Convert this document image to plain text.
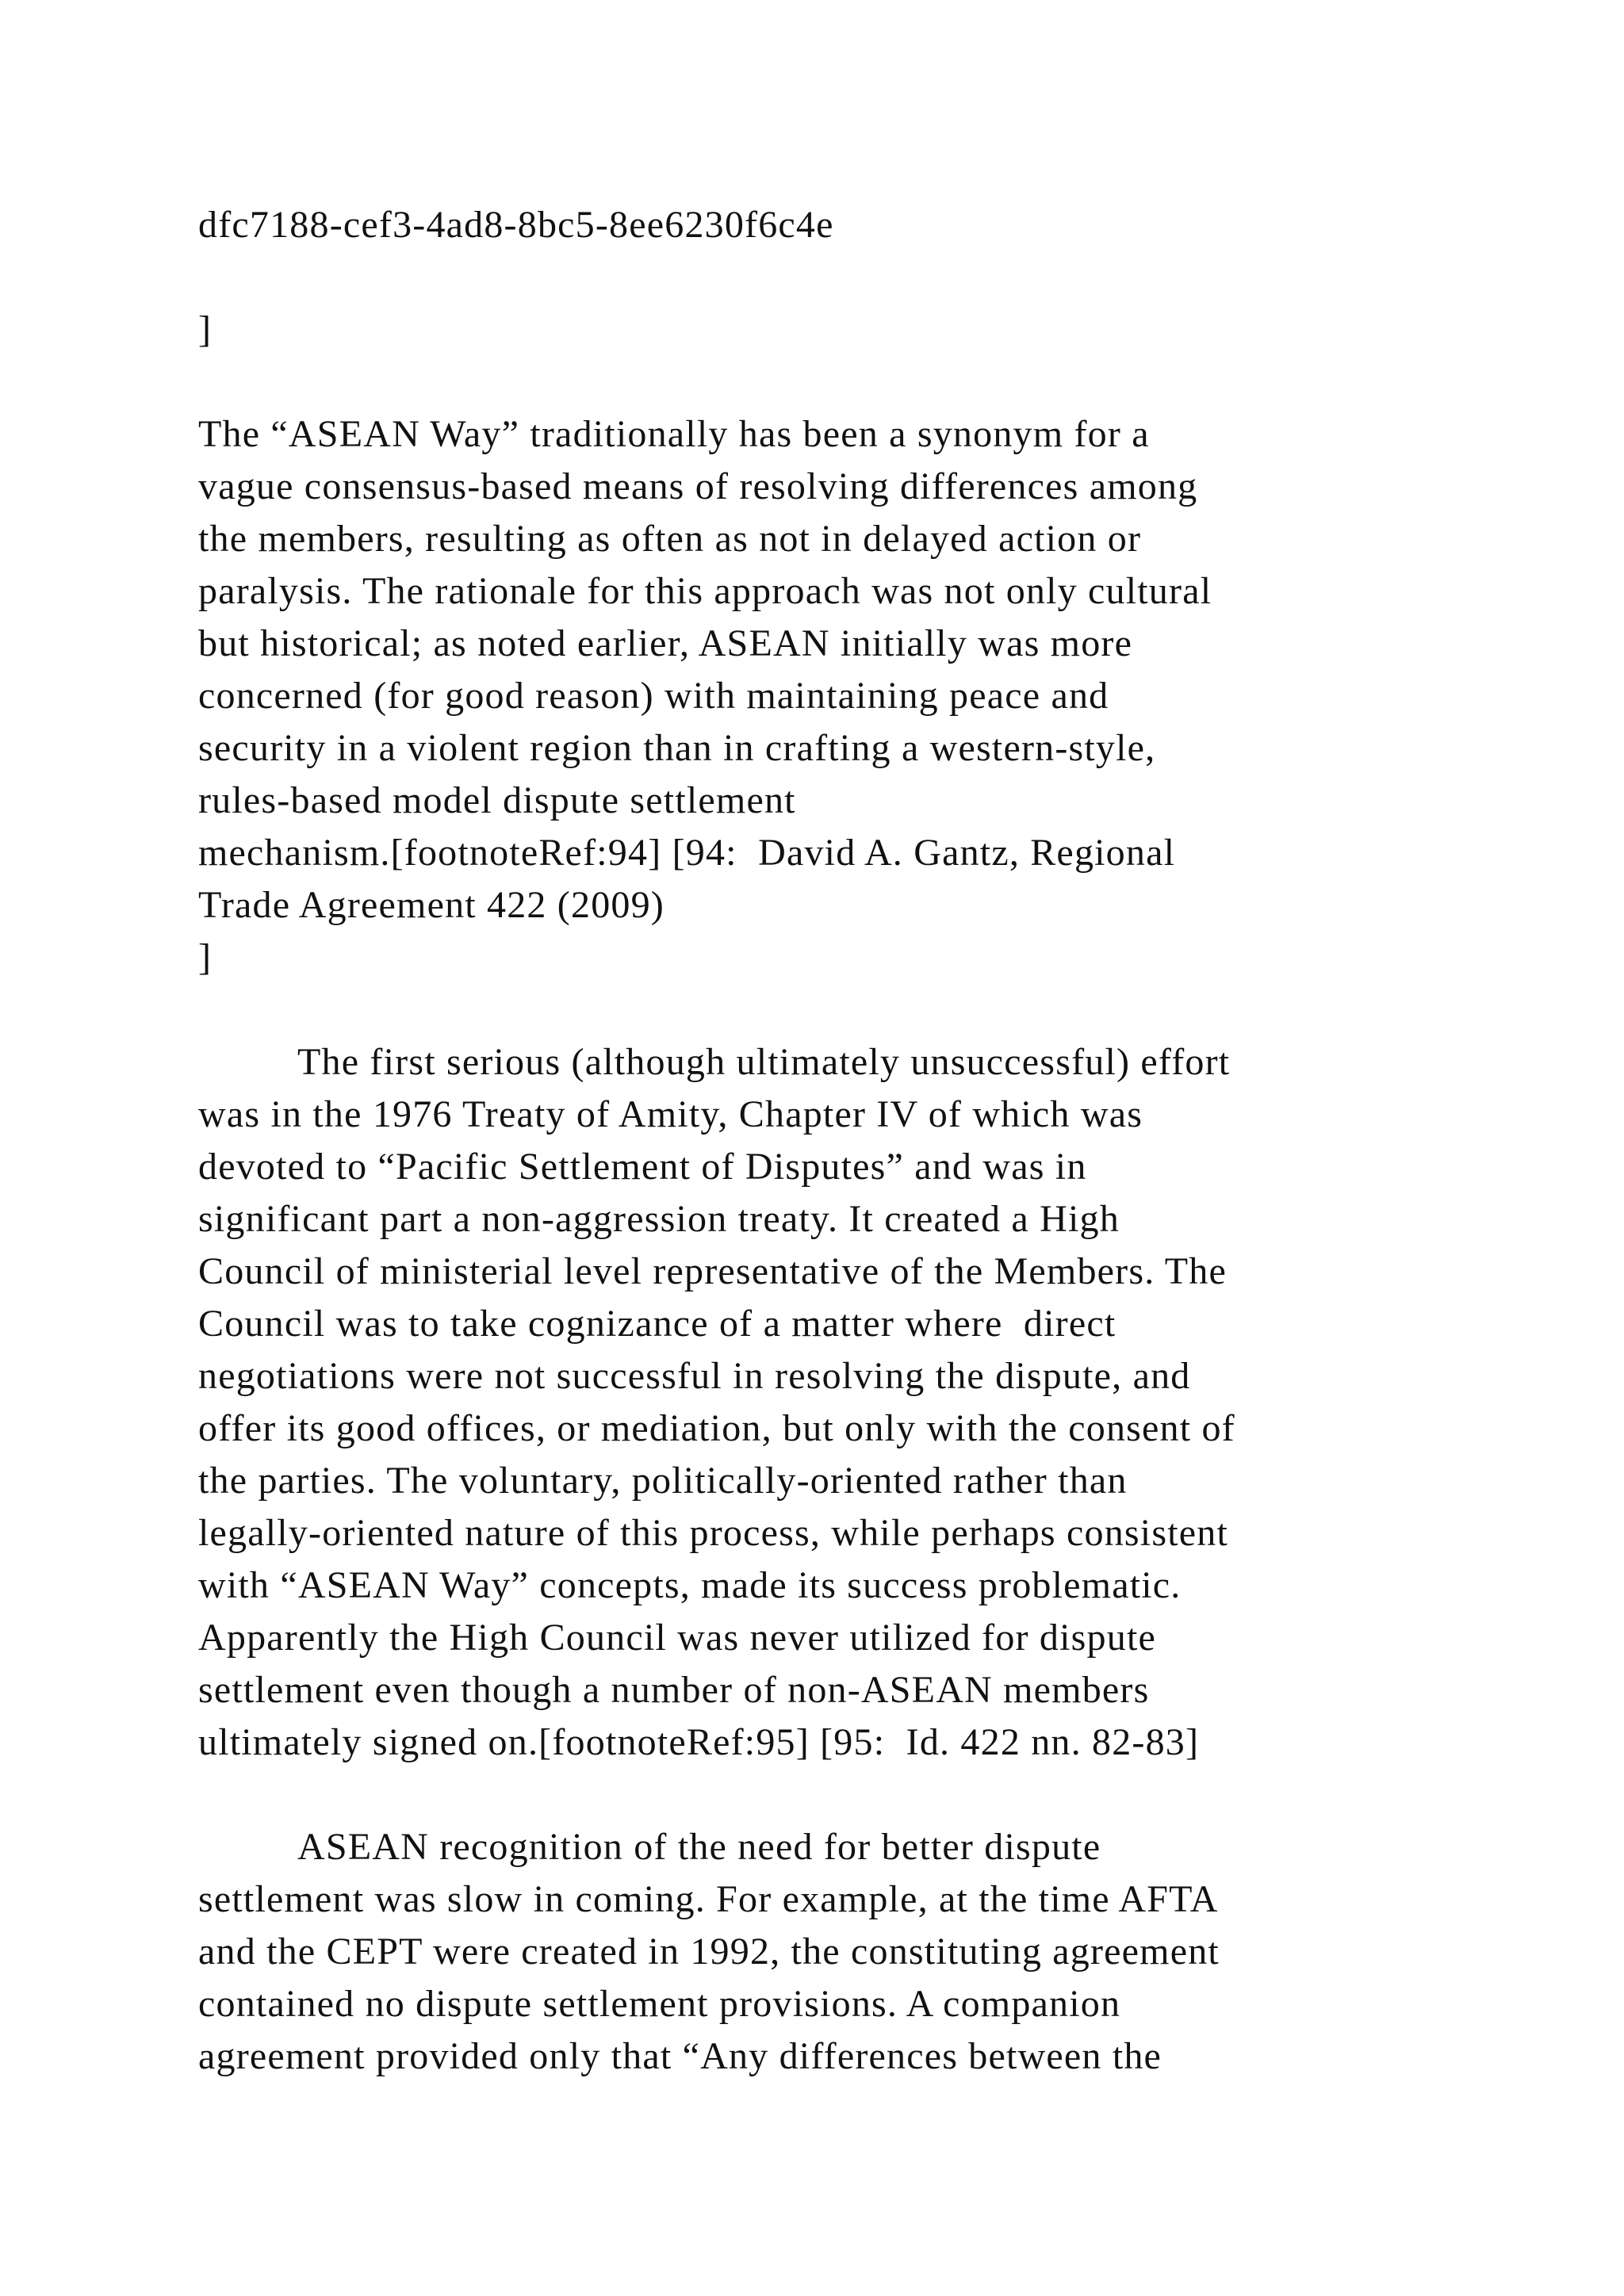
dfc7188-cef3-4ad8-8bc5-8ee6230f6c4e
]
The “ASEAN Way” traditionally has been a synonym for a
vague consensus-based means of resolving differences among
the members, resulting as often as not in delayed action or
paralysis. The rationale for this approach was not only cultural
but historical; as noted earlier, ASEAN initially was more
concerned (for good reason) with maintaining peace and
security in a violent region than in crafting a western-style,
rules-based model dispute settlement
mechanism.[footnoteRef:94] [94:  David A. Gantz, Regional
Trade Agreement 422 (2009)
]
The first serious (although ultimately unsuccessful) effort
was in the 1976 Treaty of Amity, Chapter IV of which was
devoted to “Pacific Settlement of Disputes” and was in
significant part a non-aggression treaty. It created a High
Council of ministerial level representative of the Members. The
Council was to take cognizance of a matter where  direct
negotiations were not successful in resolving the dispute, and
offer its good offices, or mediation, but only with the consent of
the parties. The voluntary, politically-oriented rather than
legally-oriented nature of this process, while perhaps consistent
with “ASEAN Way” concepts, made its success problematic.
Apparently the High Council was never utilized for dispute
settlement even though a number of non-ASEAN members
ultimately signed on.[footnoteRef:95] [95:  Id. 422 nn. 82-83]
ASEAN recognition of the need for better dispute
settlement was slow in coming. For example, at the time AFTA
and the CEPT were created in 1992, the constituting agreement
contained no dispute settlement provisions. A companion
agreement provided only that “Any differences between the
